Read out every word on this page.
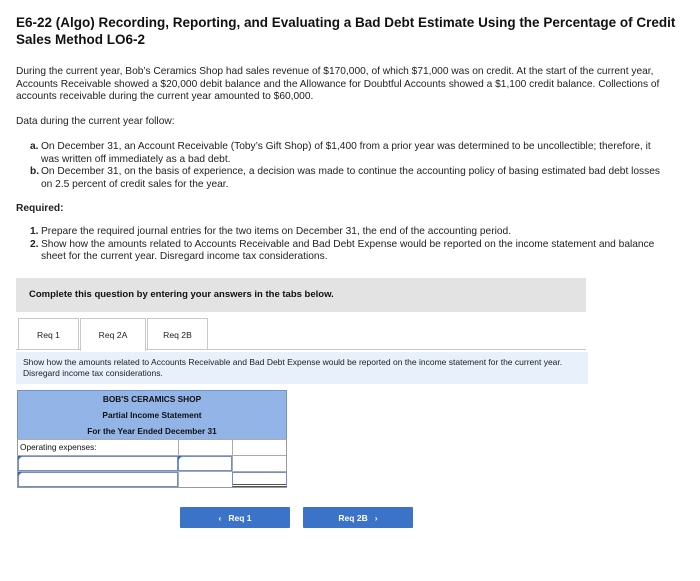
E6-22 (Algo) Recording, Reporting, and Evaluating a Bad Debt Estimate Using the Percentage of Credit Sales Method LO6-2
During the current year, Bob’s Ceramics Shop had sales revenue of $170,000, of which $71,000 was on credit. At the start of the current year, Accounts Receivable showed a $20,000 debit balance and the Allowance for Doubtful Accounts showed a $1,100 credit balance. Collections of accounts receivable during the current year amounted to $60,000.
Data during the current year follow:
a. On December 31, an Account Receivable (Toby’s Gift Shop) of $1,400 from a prior year was determined to be uncollectible; therefore, it was written off immediately as a bad debt.
b. On December 31, on the basis of experience, a decision was made to continue the accounting policy of basing estimated bad debt losses on 2.5 percent of credit sales for the year.
Required:
1. Prepare the required journal entries for the two items on December 31, the end of the accounting period.
2. Show how the amounts related to Accounts Receivable and Bad Debt Expense would be reported on the income statement and balance sheet for the current year. Disregard income tax considerations.
Complete this question by entering your answers in the tabs below.
Req 1	Req 2A	Req 2B
Show how the amounts related to Accounts Receivable and Bad Debt Expense would be reported on the income statement for the current year. Disregard income tax considerations.
BOB'S CERAMICS SHOP
Partial Income Statement
For the Year Ended December 31
Operating expenses:
‹ Req 1	Req 2B ›
